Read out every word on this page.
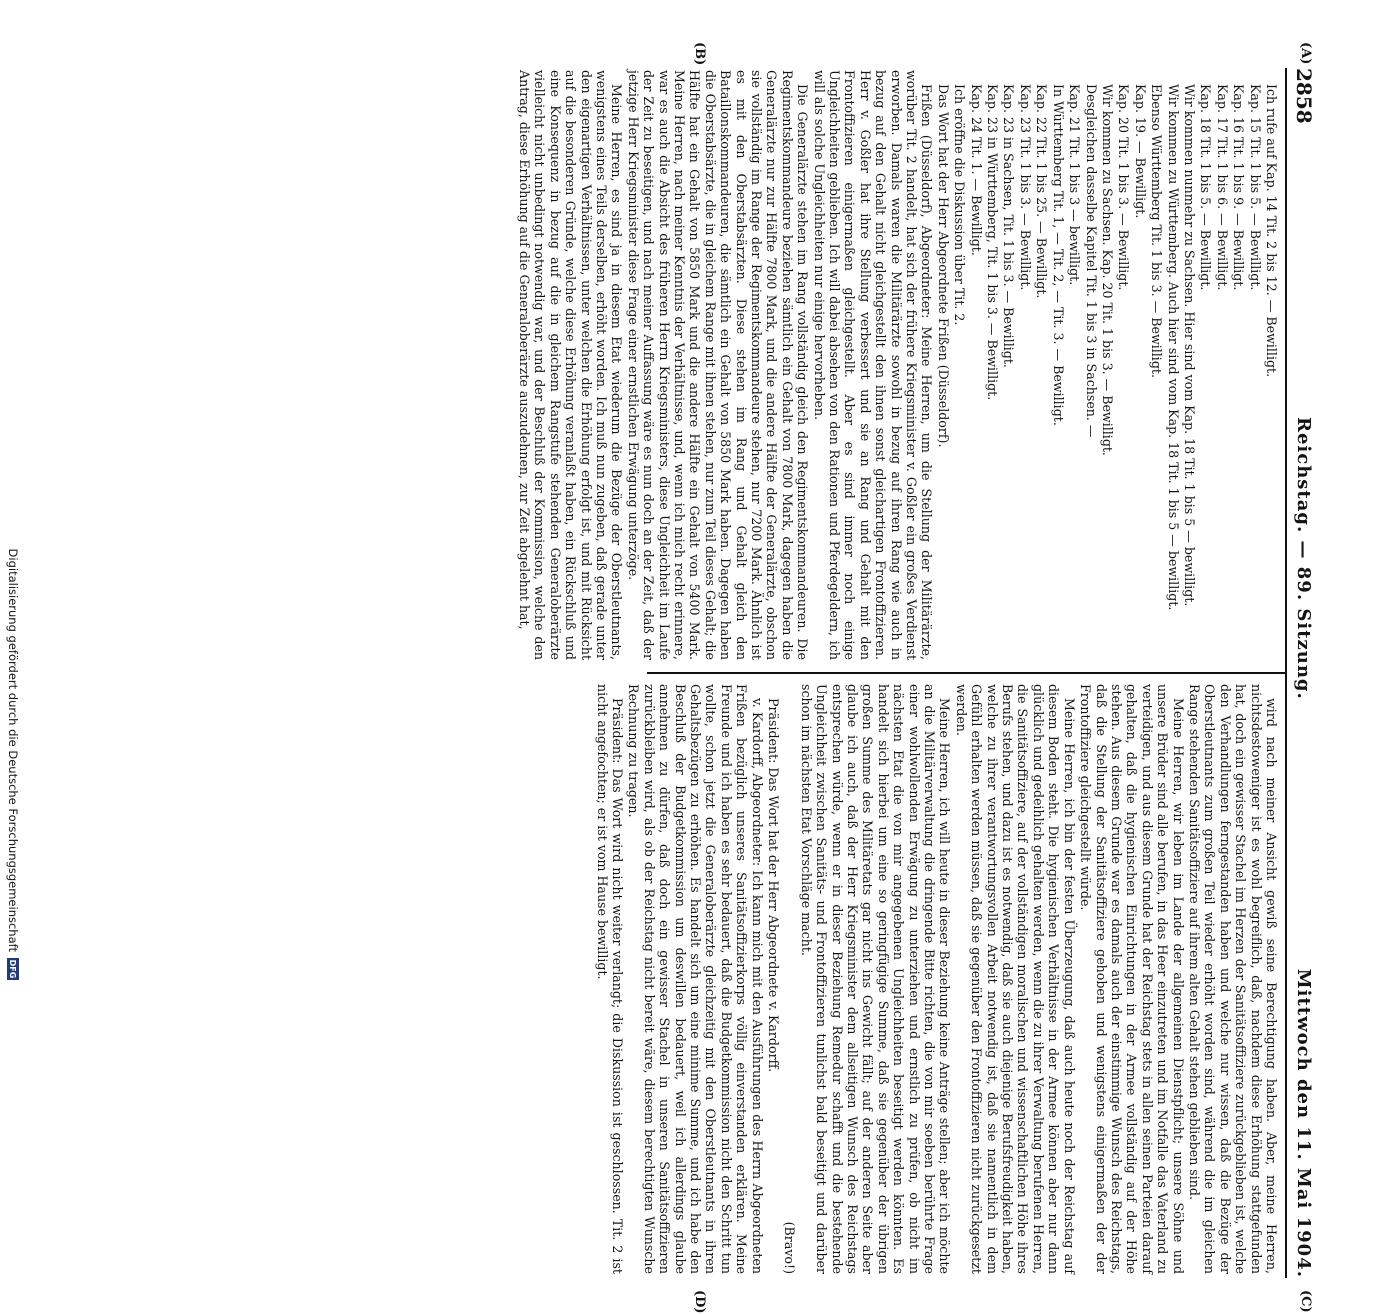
2858
Reichstag. — 89. Sitzung.
Mittwoch den 11. Mai 1904.
(A)
(B)
(C)
(D)

Ich rufe auf Kap. 14 Tit. 2 bis 12. — Bewilligt.

Kap. 15 Tit. 1 bis 5. — Bewilligt.

Kap. 16 Tit. 1 bis 9. — Bewilligt.

Kap. 17 Tit. 1 bis 6. — Bewilligt.

Kap. 18 Tit. 1 bis 5. — Bewilligt.

Wir kommen nunmehr zu Sachsen. Hier sind vom Kap. 18 Tit. 1 bis 5 — bewilligt.

Wir kommen zu Württemberg. Auch hier sind vom Kap. 18 Tit. 1 bis 5 — bewilligt.

Ebenso Württemberg Tit. 1 bis 3. — Bewilligt.

Kap. 19. — Bewilligt.

Kap. 20 Tit. 1 bis 3. — Bewilligt.

Wir kommen zu Sachsen. Kap. 20 Tit. 1 bis 3. — Bewilligt.

Desgleichen dasselbe Kapitel Tit. 1 bis 3 in Sachsen. —

Kap. 21 Tit. 1 bis 3 — bewilligt.

In Württemberg Tit. 1, — Tit. 2, — Tit. 3. — Bewilligt.

Kap. 22 Tit. 1 bis 25. — Bewilligt.

Kap. 23 Tit. 1 bis 3. — Bewilligt.

Kap. 23 in Sachsen, Tit. 1 bis 3. — Bewilligt.

Kap. 23 in Württemberg, Tit. 1 bis 3. — Bewilligt.

Kap. 24 Tit. 1. — Bewilligt.

Ich eröffne die Diskussion über Tit. 2.

Das Wort hat der Herr Abgeordnete Frißen (Düsseldorf).

Frißen (Düsseldorf), Abgeordneter: Meine Herren, um die Stellung der Militärärzte, worüber Tit. 2 handelt, hat sich der frühere Kriegsminister v. Goßler ein großes Verdienst erworben. Damals waren die Militärärzte sowohl in bezug auf ihren Rang wie auch in bezug auf den Gehalt nicht gleichgestellt den ihnen sonst gleichartigen Frontoffizieren. Herr v. Goßler hat ihre Stellung verbessert und sie an Rang und Gehalt mit den Frontoffizieren einigermaßen gleichgestellt. Aber es sind immer noch einige Ungleichheiten geblieben. Ich will dabei absehen von den Rationen und Pferdegeldern, ich will als solche Ungleichheiten nur einige hervorheben.

Die Generalärzte stehen im Rang vollständig gleich den Regimentskommandeuren. Die Regimentskommandeure beziehen sämtlich ein Gehalt von 7800 Mark, dagegen haben die Generalärzte nur zur Hälfte 7800 Mark, und die andere Hälfte der Generalärzte, obschon sie vollständig im Range der Regimentskommandeure stehen, nur 7200 Mark. Ähnlich ist es mit den Oberstabsärzten. Diese stehen im Rang und Gehalt gleich den Bataillonskommandeuren, die sämtlich ein Gehalt von 5850 Mark haben. Dagegen haben die Oberstabsärzte, die in gleichem Range mit ihnen stehen, nur zum Teil dieses Gehalt; die Hälfte hat ein Gehalt von 5850 Mark und die andere Hälfte ein Gehalt von 5400 Mark. Meine Herren, nach meiner Kenntnis der Verhältnisse, und, wenn ich mich recht erinnere, war es auch die Absicht des früheren Herrn Kriegsministers, diese Ungleichheit im Laufe der Zeit zu beseitigen, und nach meiner Auffassung wäre es nun doch an der Zeit, daß der jetzige Herr Kriegsminister diese Frage einer ernstlichen Erwägung unterzöge.

Meine Herren, es sind ja in diesem Etat wiederum die Bezüge der Oberstleutnants, wenigstens eines Teils derselben, erhöht worden. Ich muß nun zugeben, daß gerade unter den eigenartigen Verhältnissen, unter welchen die Erhöhung erfolgt ist, und mit Rücksicht auf die besonderen Gründe, welche diese Erhöhung veranlaßt haben, ein Rückschluß und eine Konsequenz in bezug auf die in gleichem Rangstufe stehenden Generaloberärzte vielleicht nicht unbedingt notwendig war, und der Beschluß der Kommission, welche den Antrag, diese Erhöhung auf die Generaloberärzte auszudehnen, zur Zeit abgelehnt hat,

wird nach meiner Ansicht gewiß seine Berechtigung haben. Aber, meine Herren, nichtsdestoweniger ist es wohl begreiflich, daß, nachdem diese Erhöhung stattgefunden hat, doch ein gewisser Stachel im Herzen der Sanitätsoffiziere zurückgeblieben ist, welche den Verhandlungen ferngestanden haben und welche nur wissen, daß die Bezüge der Oberstleutnants zum großen Teil wieder erhöht worden sind, während die im gleichen Range stehenden Sanitätsoffiziere auf ihrem alten Gehalt stehen geblieben sind.

Meine Herren, wir leben im Lande der allgemeinen Dienstpflicht; unsere Söhne und unsere Brüder sind alle berufen, in das Heer einzutreten und im Notfalle das Vaterland zu verteidigen, und aus diesem Grunde hat der Reichstag stets in allen seinen Parteien darauf gehalten, daß die hygienischen Einrichtungen in der Armee vollständig auf der Höhe stehen. Aus diesem Grunde war es damals auch der einstimmige Wunsch des Reichstags, daß die Stellung der Sanitätsoffiziere gehoben und wenigstens einigermaßen der der Frontoffiziere gleichgestellt würde.

Meine Herren, ich bin der festen Überzeugung, daß auch heute noch der Reichstag auf diesem Boden steht. Die hygienischen Verhältnisse in der Armee können aber nur dann glücklich und gedeihlich gehalten werden, wenn die zu ihrer Verwaltung berufenen Herren, die Sanitätsoffiziere, auf der vollständigen moralischen und wissenschaftlichen Höhe ihres Berufs stehen, und dazu ist es notwendig, daß sie auch diejenige Berufsfreudigkeit haben, welche zu ihrer verantwortungsvollen Arbeit notwendig ist, daß sie namentlich in dem Gefühl erhalten werden müssen, daß sie gegenüber den Frontoffizieren nicht zurückgesetzt werden.

Meine Herren, ich will heute in dieser Beziehung keine Anträge stellen; aber ich möchte an die Militärverwaltung die dringende Bitte richten, die von mir soeben berührte Frage einer wohlwollenden Erwägung zu unterziehen und ernstlich zu prüfen, ob nicht im nächsten Etat die von mir angegebenen Ungleichheiten beseitigt werden könnten. Es handelt sich hierbei um eine so geringfügige Summe, daß sie gegenüber der übrigen großen Summe des Militäretats gar nicht ins Gewicht fällt; auf der anderen Seite aber glaube ich auch, daß der Herr Kriegsminister dem allseitigen Wunsch des Reichstags entsprechen würde, wenn er in dieser Beziehung Remedur schafft und die bestehende Ungleichheit zwischen Sanitäts- und Frontoffizieren tunlichst bald beseitigt und darüber schon im nächsten Etat Vorschläge macht.

(Bravo!)

Präsident: Das Wort hat der Herr Abgeordnete v. Kardorff.

v. Kardorff, Abgeordneter: Ich kann mich mit den Ausführungen des Herrn Abgeordneten Frißen bezüglich unseres Sanitätsoffizierkorps völlig einverstanden erklären. Meine Freunde und ich haben es sehr bedauert, daß die Budgetkommission nicht den Schritt tun wollte, schon jetzt die Generaloberärzte gleichzeitig mit den Oberstleutnants in ihren Gehaltsbezügen zu erhöhen. Es handelt sich um eine minime Summe, und ich habe den Beschluß der Budgetkommission um deswillen bedauert, weil ich allerdings glaube annehmen zu dürfen, daß doch ein gewisser Stachel in unseren Sanitätsoffizieren zurückbleiben wird, als ob der Reichstag nicht bereit wäre, diesem berechtigten Wunsche Rechnung zu tragen.

Präsident: Das Wort wird nicht weiter verlangt; die Diskussion ist geschlossen. Tit. 2 ist nicht angefochten; er ist vom Hause bewilligt.

Digitalisierung gefördert durch die Deutsche Forschungsgemeinschaft
DFG
